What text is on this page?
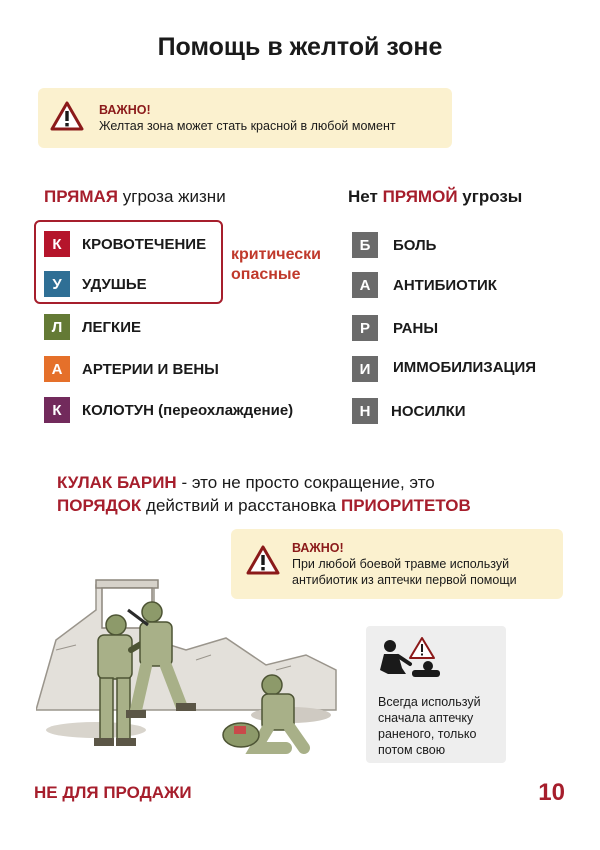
Помощь в желтой зоне
ВАЖНО!
Желтая зона может стать красной в любой момент
ПРЯМАЯ угроза жизни	Нет ПРЯМОЙ угрозы
критически
опасные
К	КРОВОТЕЧЕНИЕ
У	УДУШЬЕ
Л	ЛЕГКИЕ
А	АРТЕРИИ И ВЕНЫ
К	КОЛОТУН (переохлаждение)
Б	БОЛЬ
А	АНТИБИОТИК
Р	РАНЫ
И	ИММОБИЛИЗАЦИЯ
Н	НОСИЛКИ
КУЛАК БАРИН - это не просто сокращение, это
ПОРЯДОК действий и расстановка ПРИОРИТЕТОВ
ВАЖНО!
При любой боевой травме используй
антибиотик из аптечки первой помощи
Всегда используй
сначала аптечку
раненого, только
потом свою
НЕ ДЛЯ ПРОДАЖИ	10
